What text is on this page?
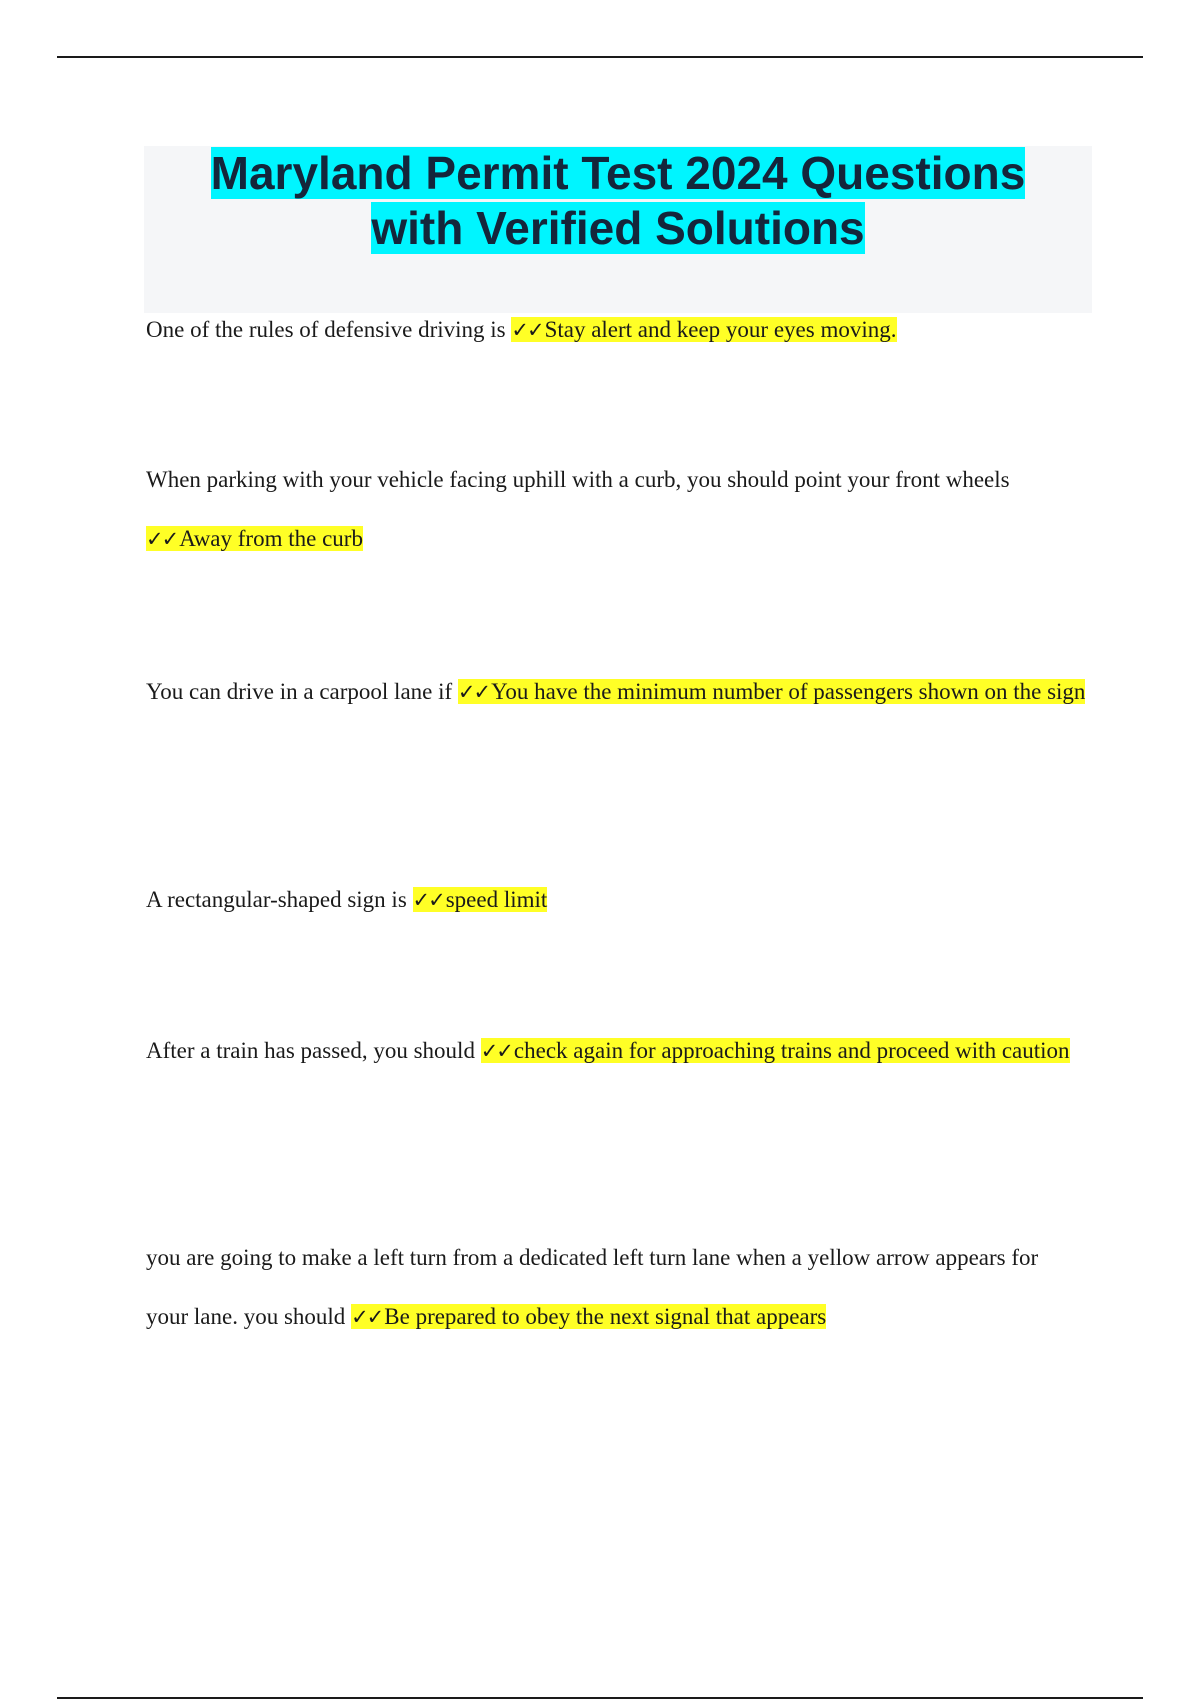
Maryland Permit Test 2024 Questions
with Verified Solutions

One of the rules of defensive driving is ✓✓Stay alert and keep your eyes moving.

When parking with your vehicle facing uphill with a curb, you should point your front wheels ✓✓Away from the curb

You can drive in a carpool lane if ✓✓You have the minimum number of passengers shown on the sign

A rectangular-shaped sign is ✓✓speed limit

After a train has passed, you should ✓✓check again for approaching trains and proceed with caution

you are going to make a left turn from a dedicated left turn lane when a yellow arrow appears for your lane. you should ✓✓Be prepared to obey the next signal that appears
